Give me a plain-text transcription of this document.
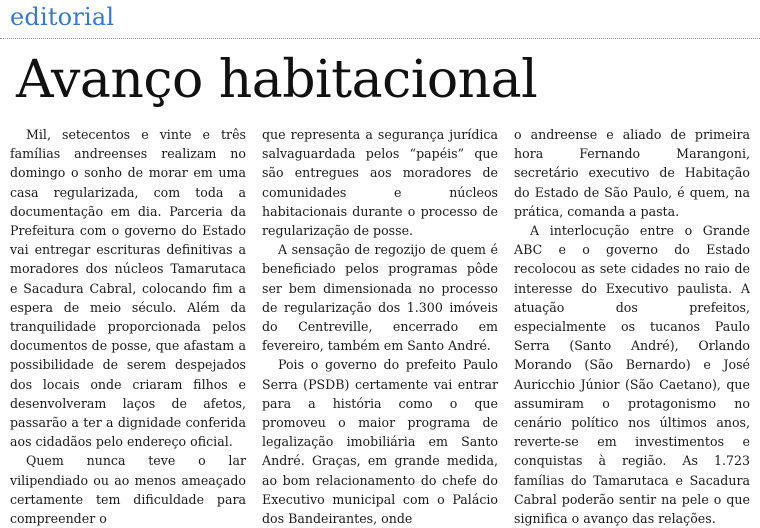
editorial
Avanço habitacional

Mil, setecentos e vinte e três famílias andreenses realizam no domingo o sonho de morar em uma casa regularizada, com toda a documentação em dia. Parceria da Prefeitura com o governo do Estado vai entregar escrituras definitivas a moradores dos núcleos Tamarutaca e Sacadura Cabral, colocando fim a espera de meio século. Além da tranquilidade proporcionada pelos documentos de posse, que afastam a possibilidade de serem despejados dos locais onde criaram filhos e desenvolveram laços de afetos, passarão a ter a dignidade conferida aos cidadãos pelo endereço oficial.

Quem nunca teve o lar vilipendiado ou ao menos ameaçado certamente tem dificuldade para compreender o

que representa a segurança jurídica salvaguardada pelos “papéis” que são entregues aos moradores de comunidades e núcleos habitacionais durante o processo de regularização de posse.

A sensação de regozijo de quem é beneficiado pelos programas pôde ser bem dimensionada no processo de regularização dos 1.300 imóveis do Centreville, encerrado em fevereiro, também em Santo André.

Pois o governo do prefeito Paulo Serra (PSDB) certamente vai entrar para a história como o que promoveu o maior programa de legalização imobiliária em Santo André. Graças, em grande medida, ao bom relacionamento do chefe do Executivo municipal com o Palácio dos Bandeirantes, onde

o andreense e aliado de primeira hora Fernando Marangoni, secretário executivo de Habitação do Estado de São Paulo, é quem, na prática, comanda a pasta.

A interlocução entre o Grande ABC e o governo do Estado recolocou as sete cidades no raio de interesse do Executivo paulista. A atuação dos prefeitos, especialmente os tucanos Paulo Serra (Santo André), Orlando Morando (São Bernardo) e José Auricchio Júnior (São Caetano), que assumiram o protagonismo no cenário político nos últimos anos, reverte-se em investimentos e conquistas à região. As 1.723 famílias do Tamarutaca e Sacadura Cabral poderão sentir na pele o que significa o avanço das relações.
